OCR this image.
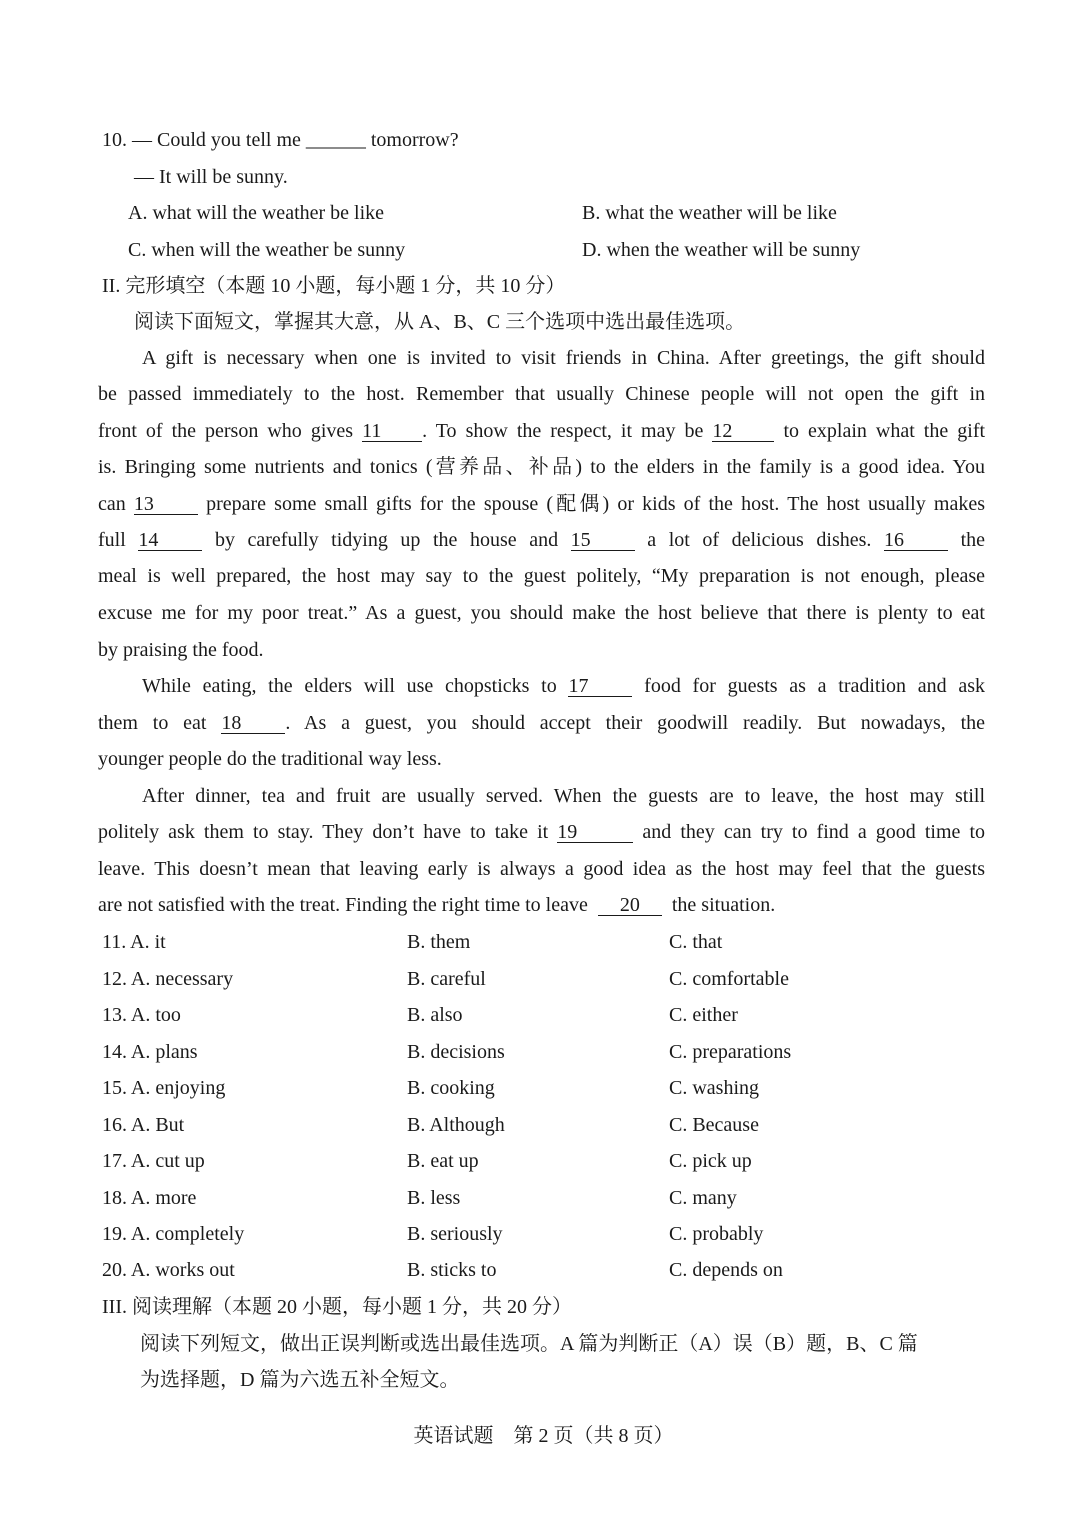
10. — Could you tell me ______ tomorrow?
— It will be sunny.
A. what will the weather be like	B. what the weather will be like
C. when will the weather be sunny	D. when the weather will be sunny
II. 完形填空（本题 10 小题，每小题 1 分，共 10 分）
阅读下面短文，掌握其大意，从 A、B、C 三个选项中选出最佳选项。
A gift is necessary when one is invited to visit friends in China. After greetings, the gift should
be passed immediately to the host. Remember that usually Chinese people will not open the gift in
front of the person who gives 11 . To show the respect, it may be 12	to explain what the gift
is. Bringing some nutrients and tonics (营养品、补品) to the elders in the family is a good idea. You
can 13	prepare some small gifts for the spouse (配偶) or kids of the host. The host usually makes
full 14	by carefully tidying up the house and 15	a lot of delicious dishes. 16	the
meal is well prepared, the host may say to the guest politely, “My preparation is not enough, please
excuse me for my poor treat.” As a guest, you should make the host believe that there is plenty to eat
by praising the food.
While eating, the elders will use chopsticks to 17	food for guests as a tradition and ask
them to eat 18 . As a guest, you should accept their goodwill readily. But nowadays, the
younger people do the traditional way less.
After dinner, tea and fruit are usually served. When the guests are to leave, the host may still
politely ask them to stay. They don’t have to take it 19	and they can try to find a good time to
leave. This doesn’t mean that leaving early is always a good idea as the host may feel that the guests
are not satisfied with the treat. Finding the right time to leave 20 the situation.
11. A. it	B. them	C. that
12. A. necessary	B. careful	C. comfortable
13. A. too	B. also	C. either
14. A. plans	B. decisions	C. preparations
15. A. enjoying	B. cooking	C. washing
16. A. But	B. Although	C. Because
17. A. cut up	B. eat up	C. pick up
18. A. more	B. less	C. many
19. A. completely	B. seriously	C. probably
20. A. works out	B. sticks to	C. depends on
III. 阅读理解（本题 20 小题，每小题 1 分，共 20 分）
阅读下列短文，做出正误判断或选出最佳选项。A 篇为判断正（A）误（B）题，B、C 篇
为选择题，D 篇为六选五补全短文。
英语试题　第 2 页（共 8 页）
